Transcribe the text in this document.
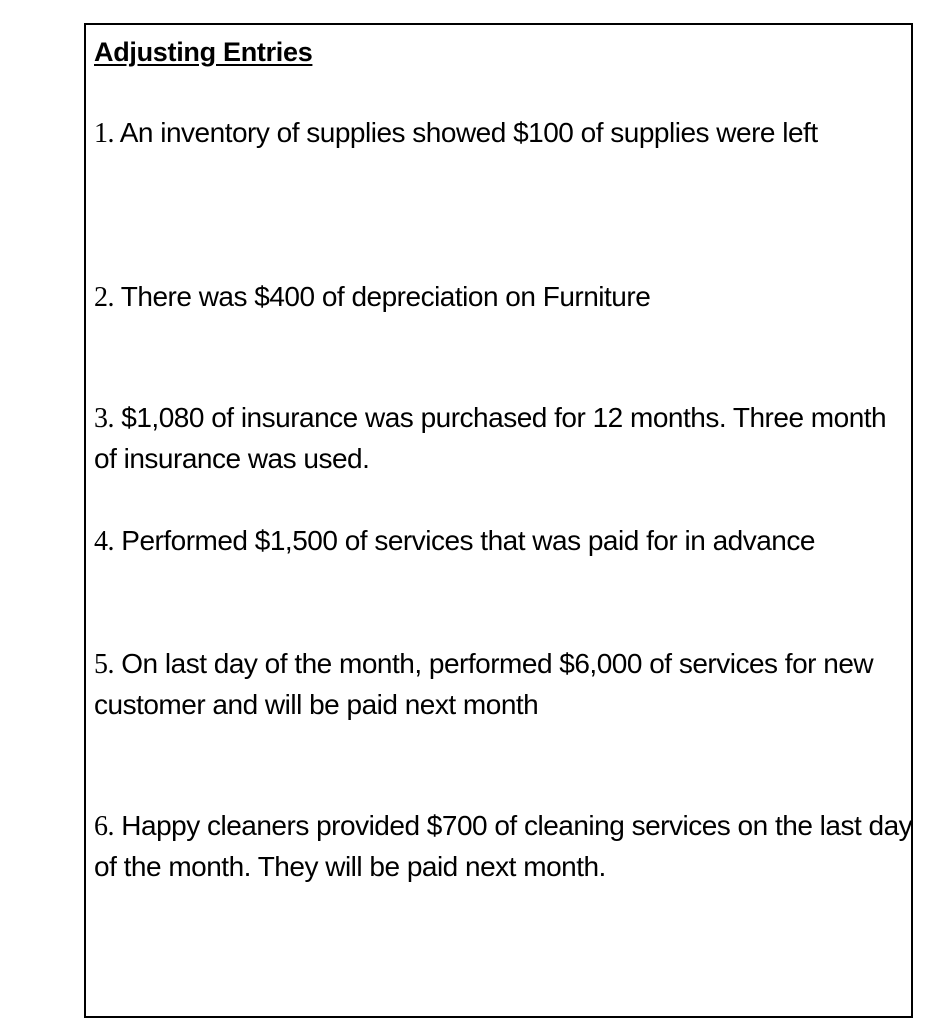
Adjusting Entries
1. An inventory of supplies showed $100 of supplies were left
2. There was $400 of depreciation on Furniture
3. $1,080 of insurance was purchased for 12 months. Three month of insurance was used.
4. Performed $1,500 of services that was paid for in advance
5. On last day of the month, performed $6,000 of services for new customer and will be paid next month
6. Happy cleaners provided $700 of cleaning services on the last day of the month. They will be paid next month.
